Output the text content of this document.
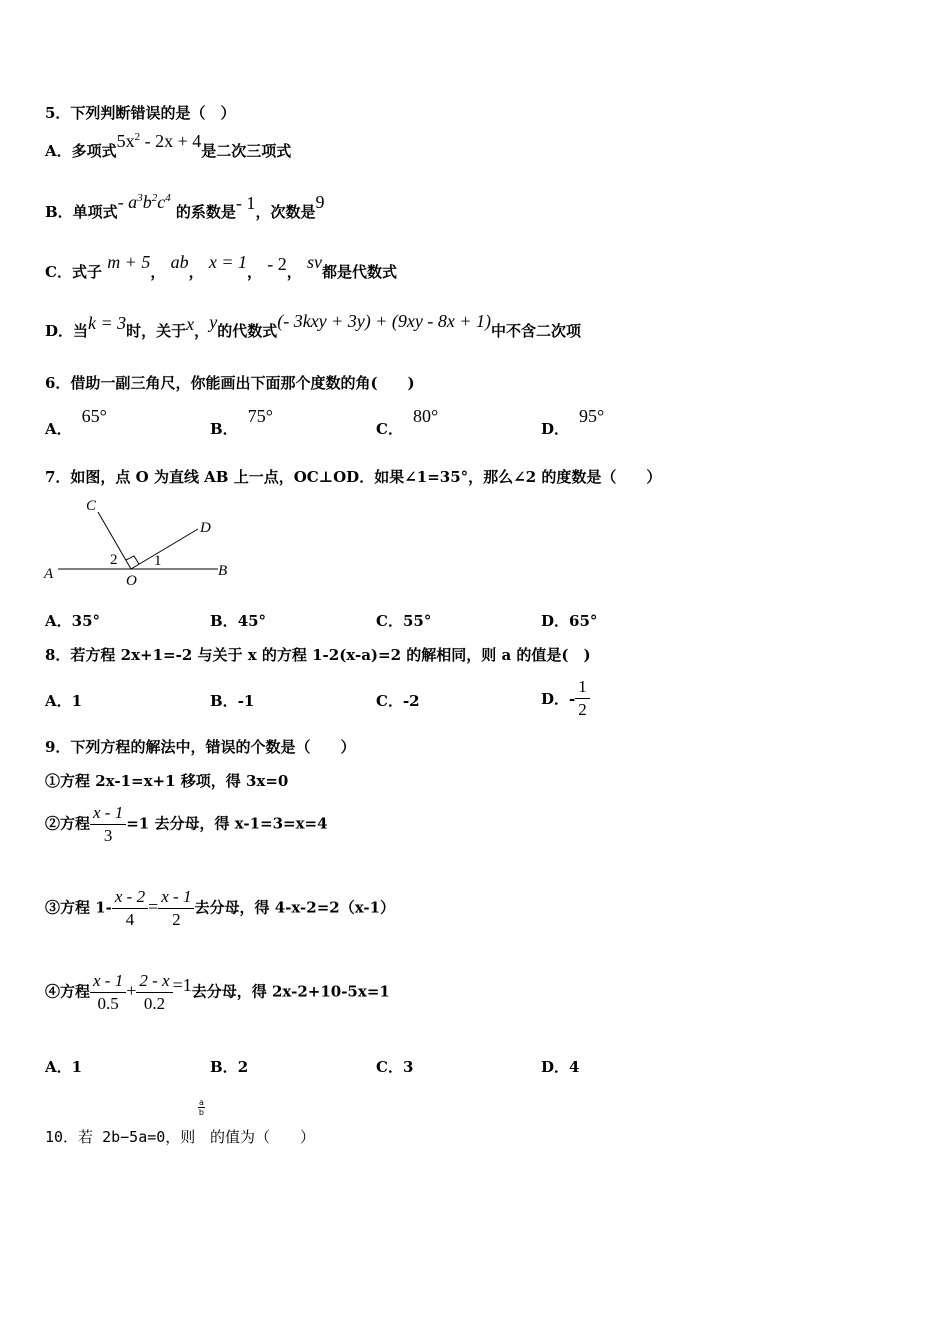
5．下列判断错误的是（　）
A．多项式$5x^2 - 2x + 4$是二次三项式
B．单项式- $a^3b^2c^4$ 的系数是- 1，次数是9
C．式子 m + 5， ab， x = 1， - 2， sv都是代数式
D．当k = 3时，关于x，y的代数式(- 3kxy + 3y) + (9xy - 8x + 1)中不含二次项
6．借助一副三角尺，你能画出下面那个度数的角(　　)
A．65°
B．75°
C．80°
D．95°
7．如图，点 O 为直线 AB 上一点，OC⊥OD．如果∠1=35°，那么∠2 的度数是（　　）
A	B
C
D
O
1
2
A．35°	B．45°	C．55°	D．65°
8．若方程 2x+1=-2 与关于 x 的方程 1-2(x-a)=2 的解相同，则 a 的值是(　)
A．1	B．-1	C．-2	D．- $\frac{1}{2}$
9．下列方程的解法中，错误的个数是（　　）
①方程 2x-1=x+1 移项，得 3x=0
②方程 $\frac{x - 1}{3} =1$ 去分母，得 x-1=3=x=4
③方程 $1- \frac{x - 2}{4} = \frac{x - 1}{2}$ 去分母，得 4-x-2=2（x-1）
④方程 $\frac{x - 1}{0.5} + \frac{2 - x}{0.2} =1$去分母，得 2x-2+10-5x=1
A．1	B．2	C．3	D．4
10．若 2b−5a=0，则
a
b
的值为（　　）
